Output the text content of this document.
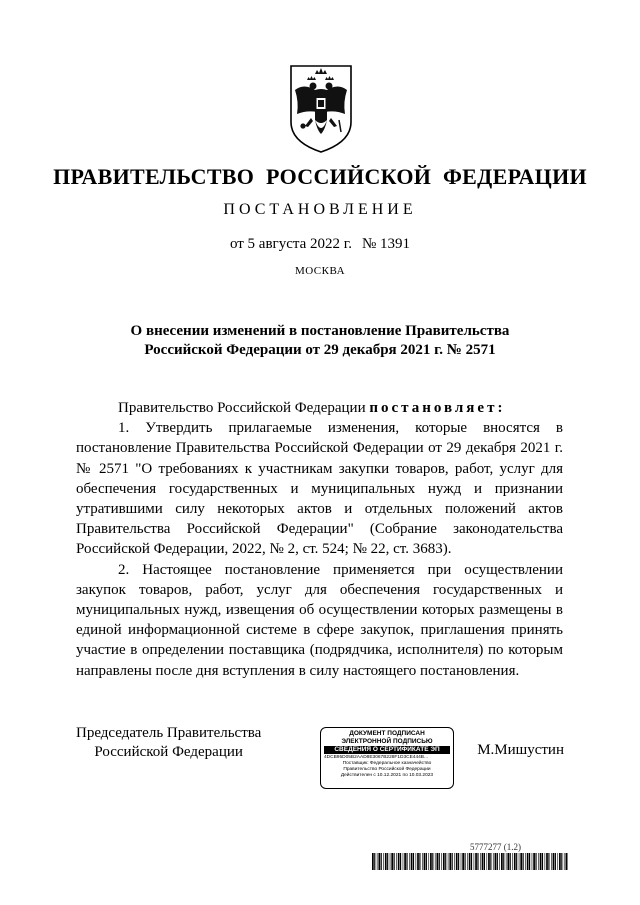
ПРАВИТЕЛЬСТВО РОССИЙСКОЙ ФЕДЕРАЦИИ
ПОСТАНОВЛЕНИЕ
от 5 августа 2022 г. № 1391
МОСКВА
О внесении изменений в постановление Правительства
Российской Федерации от 29 декабря 2021 г. № 2571

Правительство Российской Федерации постановляет:

1. Утвердить прилагаемые изменения, которые вносятся в постановление Правительства Российской Федерации от 29 декабря 2021 г. № 2571 "О требованиях к участникам закупки товаров, работ, услуг для обеспечения государственных и муниципальных нужд и признании утратившими силу некоторых актов и отдельных положений актов Правительства Российской Федерации" (Собрание законодательства Российской Федерации, 2022, № 2, ст. 524; № 22, ст. 3683).

2. Настоящее постановление применяется при осуществлении закупок товаров, работ, услуг для обеспечения государственных и муниципальных нужд, извещения об осуществлении которых размещены в единой информационной системе в сфере закупок, приглашения принять участие в определении поставщика (подрядчика, исполнителя) по которым направлены после дня вступления в силу настоящего постановления.

Председатель Правительства
Российской Федерации
ДОКУМЕНТ ПОДПИСАН
ЭЛЕКТРОННОЙ ПОДПИСЬЮ
СВЕДЕНИЯ О СЕРТИФИКАТЕ ЭП
4DCB95D05B2AAD8E3067B228F1D3CE444B...
Поставщик: Федеральное казначейство
Правительство Российской Федерации
Действителен с 10.12.2021 по 10.03.2023
М.Мишустин
5777277 (1.2)
